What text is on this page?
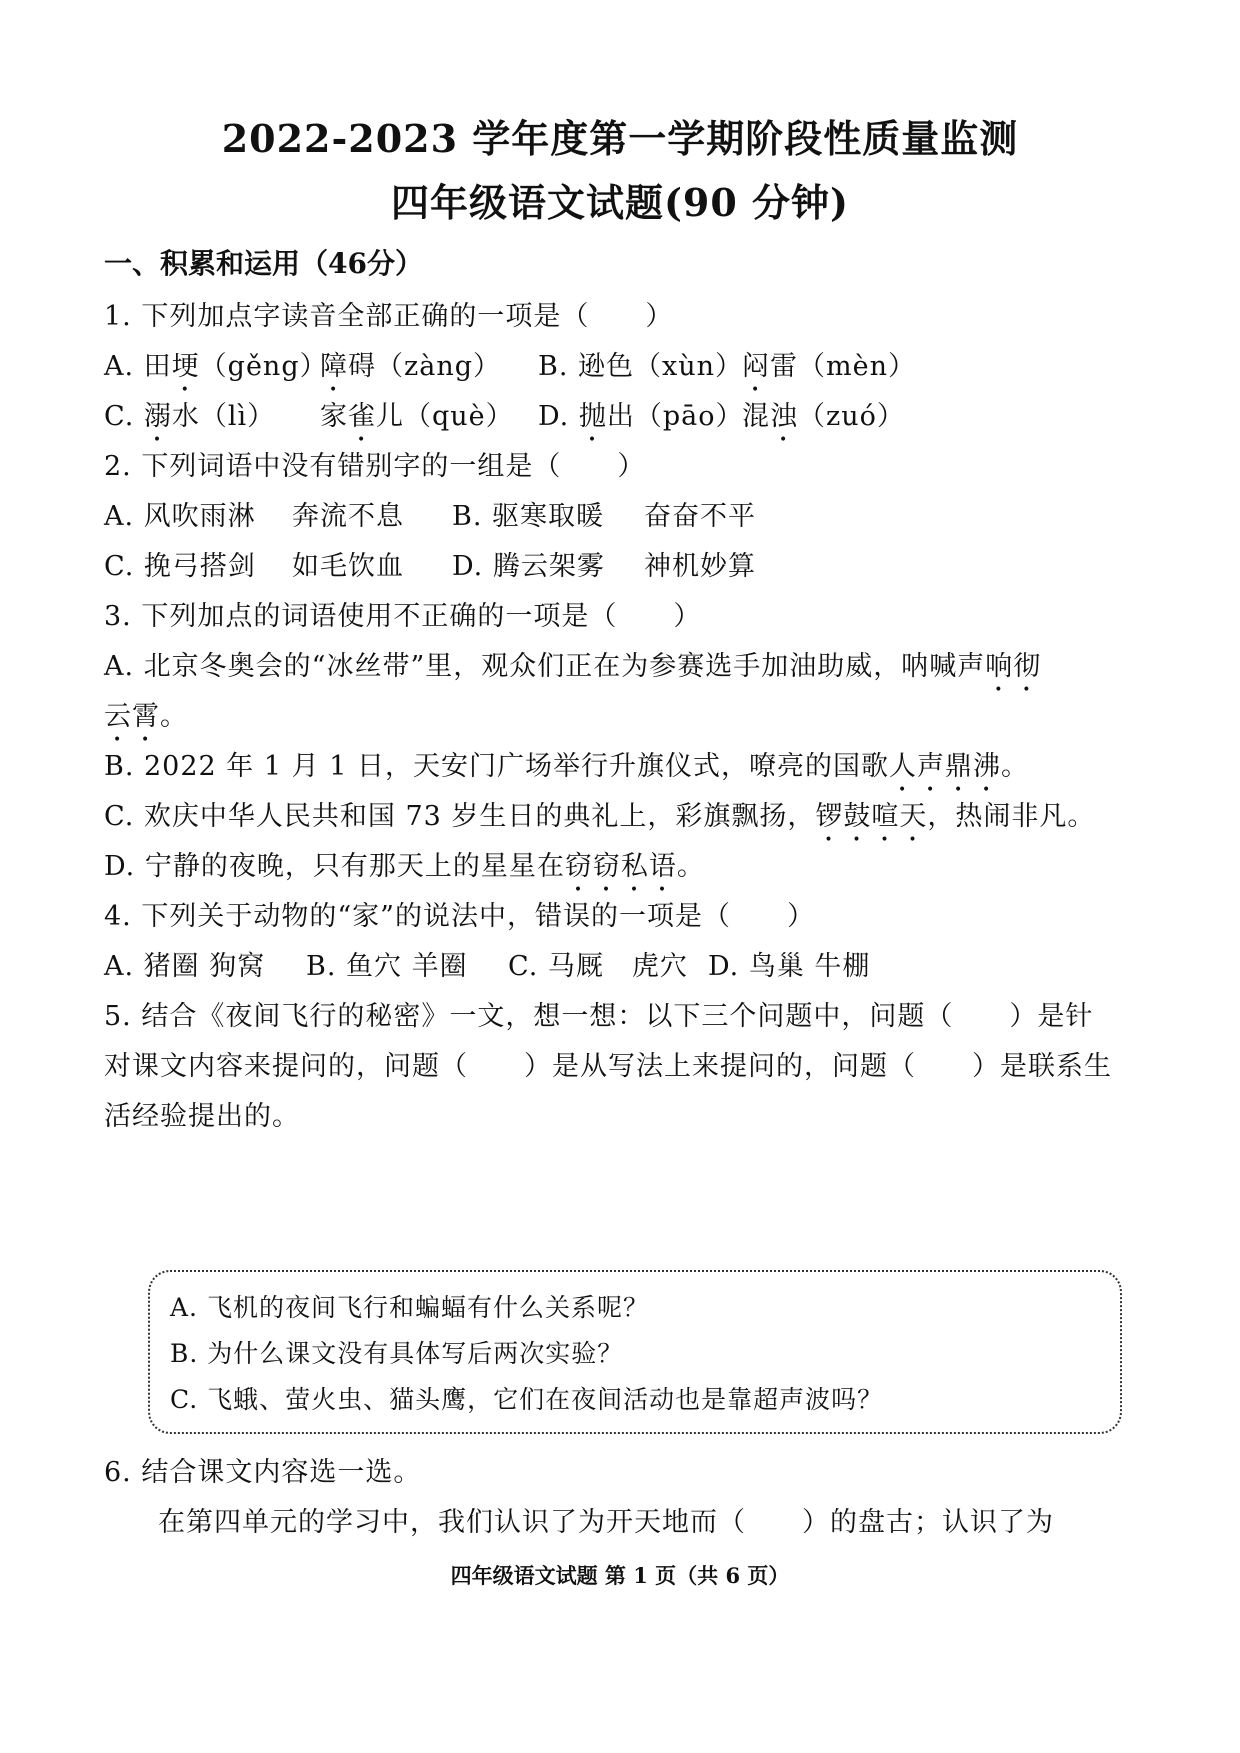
2022-2023 学年度第一学期阶段性质量监测
四年级语文试题(90 分钟)
一、积累和运用（46分）
1. 下列加点字读音全部正确的一项是（　　）
A. 田埂（gěng）
障碍（zàng） B. 逊色（xùn）
闷雷（mèn）
C. 溺水（lì） 家雀儿（què） D. 抛出（pāo）
混浊（zuó）
2. 下列词语中没有错别字的一组是（　　）
A. 风吹雨淋 奔流不息 B. 驱寒取暖 奋奋不平
C. 挽弓搭剑 如毛饮血 D. 腾云架雾 神机妙算
3. 下列加点的词语使用不正确的一项是（　　）
A. 北京冬奥会的“冰丝带”里，观众们正在为参赛选手加油助威，呐喊声响彻
云霄。
B. 2022 年 1 月 1 日，天安门广场举行升旗仪式，嘹亮的国歌人声鼎沸。
C. 欢庆中华人民共和国 73 岁生日的典礼上，彩旗飘扬，锣鼓喧天，热闹非凡。
D. 宁静的夜晚，只有那天上的星星在窃窃私语。
4. 下列关于动物的“家”的说法中，错误的一项是（　　）
A. 猪圈 狗窝 B. 鱼穴 羊圈 C. 马厩　虎穴 D. 鸟巢 牛棚
5. 结合《夜间飞行的秘密》一文，想一想：以下三个问题中，问题（　　）是针
对课文内容来提问的，问题（　　）是从写法上来提问的，问题（　　）是联系生
活经验提出的。
A. 飞机的夜间飞行和蝙蝠有什么关系呢？
B. 为什么课文没有具体写后两次实验？
C. 飞蛾、萤火虫、猫头鹰，它们在夜间活动也是靠超声波吗？
6. 结合课文内容选一选。
在第四单元的学习中，我们认识了为开天地而（　　）的盘古；认识了为
四年级语文试题 第 1 页（共 6 页）
